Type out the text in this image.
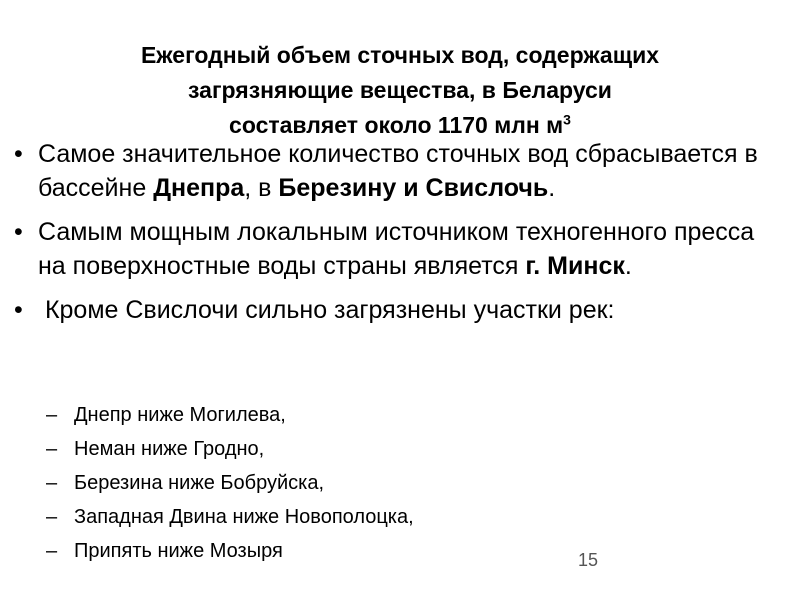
Ежегодный объем сточных вод, содержащих
загрязняющие вещества, в Беларуси
составляет около 1170 млн $м^3$
• Самое значительное количество сточных вод сбрасывается в бассейне Днепра, в Березину и Свислочь.
• Самым мощным локальным источником техногенного пресса на поверхностные воды страны является г. Минск.
• Кроме Свислочи сильно загрязнены участки рек:
– Днепр ниже Могилева,
– Неман ниже Гродно,
– Березина ниже Бобруйска,
– Западная Двина ниже Новополоцка,
– Припять ниже Мозыря	15
